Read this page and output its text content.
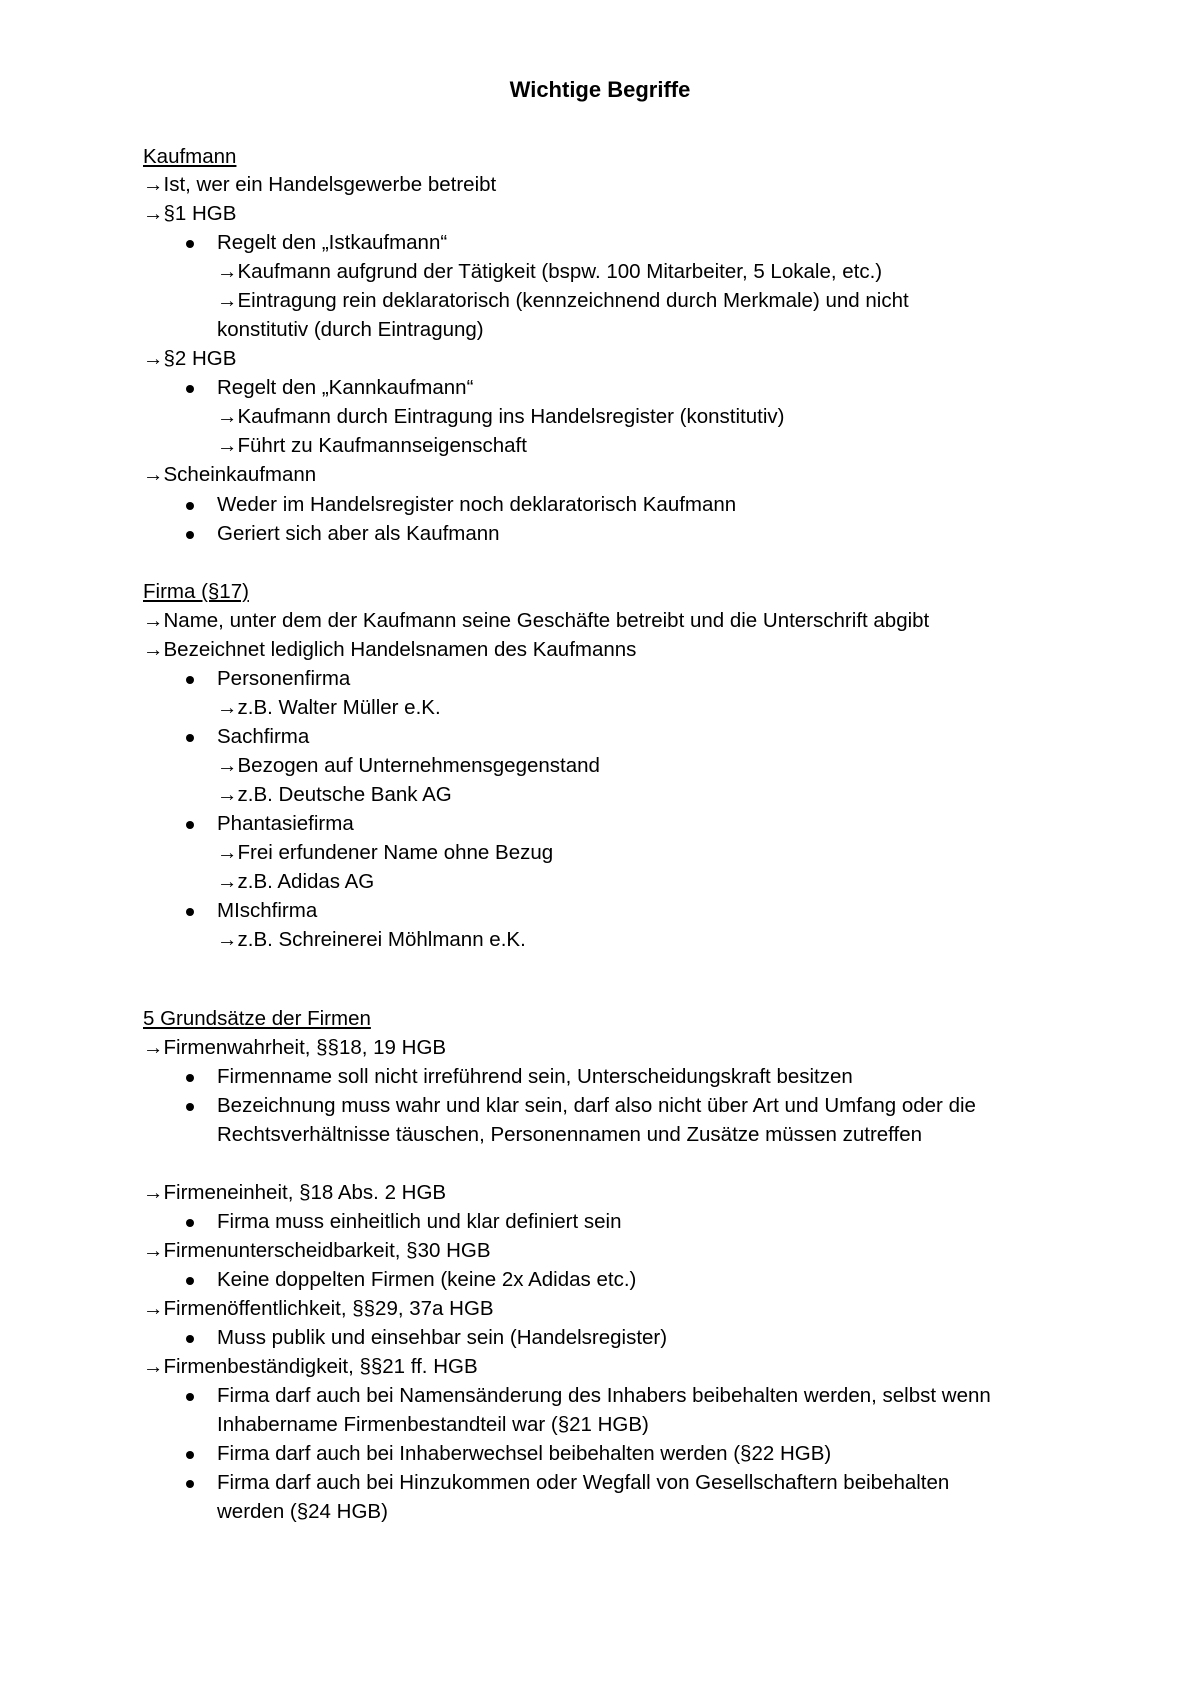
Wichtige Begriffe
Kaufmann
→Ist, wer ein Handelsgewerbe betreibt
→§1 HGB
Regelt den „Istkaufmann“
→Kaufmann aufgrund der Tätigkeit (bspw. 100 Mitarbeiter, 5 Lokale, etc.)
→Eintragung rein deklaratorisch (kennzeichnend durch Merkmale) und nicht
konstitutiv (durch Eintragung)
→§2 HGB
Regelt den „Kannkaufmann“
→Kaufmann durch Eintragung ins Handelsregister (konstitutiv)
→Führt zu Kaufmannseigenschaft
→Scheinkaufmann
Weder im Handelsregister noch deklaratorisch Kaufmann
Geriert sich aber als Kaufmann
Firma (§17)
→Name, unter dem der Kaufmann seine Geschäfte betreibt und die Unterschrift abgibt
→Bezeichnet lediglich Handelsnamen des Kaufmanns
Personenfirma
→z.B. Walter Müller e.K.
Sachfirma
→Bezogen auf Unternehmensgegenstand
→z.B. Deutsche Bank AG
Phantasiefirma
→Frei erfundener Name ohne Bezug
→z.B. Adidas AG
MIschfirma
→z.B. Schreinerei Möhlmann e.K.
5 Grundsätze der Firmen
→Firmenwahrheit, §§18, 19 HGB
Firmenname soll nicht irreführend sein, Unterscheidungskraft besitzen
Bezeichnung muss wahr und klar sein, darf also nicht über Art und Umfang oder die
Rechtsverhältnisse täuschen, Personennamen und Zusätze müssen zutreffen
→Firmeneinheit, §18 Abs. 2 HGB
Firma muss einheitlich und klar definiert sein
→Firmenunterscheidbarkeit, §30 HGB
Keine doppelten Firmen (keine 2x Adidas etc.)
→Firmenöffentlichkeit, §§29, 37a HGB
Muss publik und einsehbar sein (Handelsregister)
→Firmenbeständigkeit, §§21 ff. HGB
Firma darf auch bei Namensänderung des Inhabers beibehalten werden, selbst wenn
Inhabername Firmenbestandteil war (§21 HGB)
Firma darf auch bei Inhaberwechsel beibehalten werden (§22 HGB)
Firma darf auch bei Hinzukommen oder Wegfall von Gesellschaftern beibehalten
werden (§24 HGB)
